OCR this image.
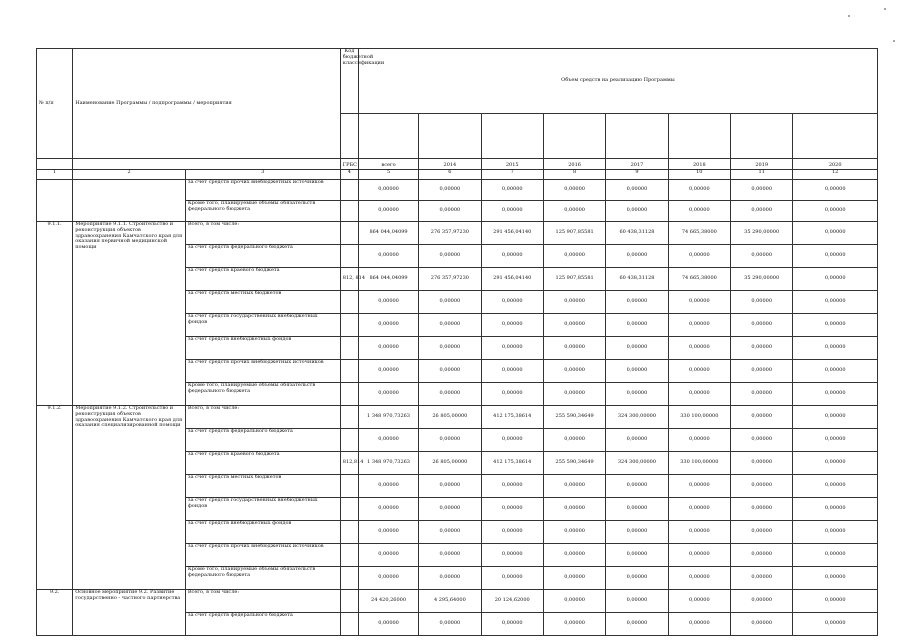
№ п/п	Наименование Программы / подпрограммы / мероприятия		Код бюджетной классификации	Объем средств на реализацию Программы							

			ГРБС	всего	2014	2015	2016	2017	2018	2019	2020
1	2	3	4	5	6	7	8	9	10	11	12
		за счет средств прочих внебюджетных источников		0,00000	0,00000	0,00000	0,00000	0,00000	0,00000	0,00000	0,00000
		Кроме того, планируемые объемы обязательств федерального бюджета		0,00000	0,00000	0,00000	0,00000	0,00000	0,00000	0,00000	0,00000
9.1.1.	Мероприятие 9.1.1. Строительство и реконструкция объектов здравоохранения Камчатского края для оказания первичной медицинской помощи	Всего, в том числе:		864 044,04099	276 357,97230	291 456,04140	125 907,85581	60 438,31128	74 665,38000	35 290,00000	0,00000
		за счет средств федерального бюджета		0,00000	0,00000	0,00000	0,00000	0,00000	0,00000	0,00000	0,00000
		за счет средств краевого бюджета	812, 814	864 044,04099	276 357,97230	291 456,04140	125 907,85581	60 438,31128	74 665,38000	35 290,00000	0,00000
		за счет средств местных бюджетов		0,00000	0,00000	0,00000	0,00000	0,00000	0,00000	0,00000	0,00000
		за счет средств государственных внебюджетных фондов		0,00000	0,00000	0,00000	0,00000	0,00000	0,00000	0,00000	0,00000
		за счет средств внебюджетных фондов		0,00000	0,00000	0,00000	0,00000	0,00000	0,00000	0,00000	0,00000
		за счет средств прочих внебюджетных источников		0,00000	0,00000	0,00000	0,00000	0,00000	0,00000	0,00000	0,00000
		Кроме того, планируемые объемы обязательств федерального бюджета		0,00000	0,00000	0,00000	0,00000	0,00000	0,00000	0,00000	0,00000
9.1.2.	Мероприятие 9.1.2. Строительство и реконструкция объектов здравоохранения Камчатского края для оказания специализированной помощи	Всего, в том числе:		1 348 970,73263	26 805,00000	412 175,38614	255 590,34649	324 300,00000	330 100,00000	0,00000	0,00000
		за счет средств федерального бюджета		0,00000	0,00000	0,00000	0,00000	0,00000	0,00000	0,00000	0,00000
		за счет средств краевого бюджета	812,814	1 348 970,73263	26 805,00000	412 175,38614	255 590,34649	324 300,00000	330 100,00000	0,00000	0,00000
		за счет средств местных бюджетов		0,00000	0,00000	0,00000	0,00000	0,00000	0,00000	0,00000	0,00000
		за счет средств государственных внебюджетных фондов		0,00000	0,00000	0,00000	0,00000	0,00000	0,00000	0,00000	0,00000
		за счет средств внебюджетных фондов		0,00000	0,00000	0,00000	0,00000	0,00000	0,00000	0,00000	0,00000
		за счет средств прочих внебюджетных источников		0,00000	0,00000	0,00000	0,00000	0,00000	0,00000	0,00000	0,00000
		Кроме того, планируемые объемы обязательств федерального бюджета		0,00000	0,00000	0,00000	0,00000	0,00000	0,00000	0,00000	0,00000
9.2.	Основное мероприятие 9.2. Развитие государственно - частного партнерства	Всего, в том числе:		24 420,26000	4 295,64000	20 124,62000	0,00000	0,00000	0,00000	0,00000	0,00000
		за счет средств федерального бюджета		0,00000	0,00000	0,00000	0,00000	0,00000	0,00000	0,00000	0,00000
